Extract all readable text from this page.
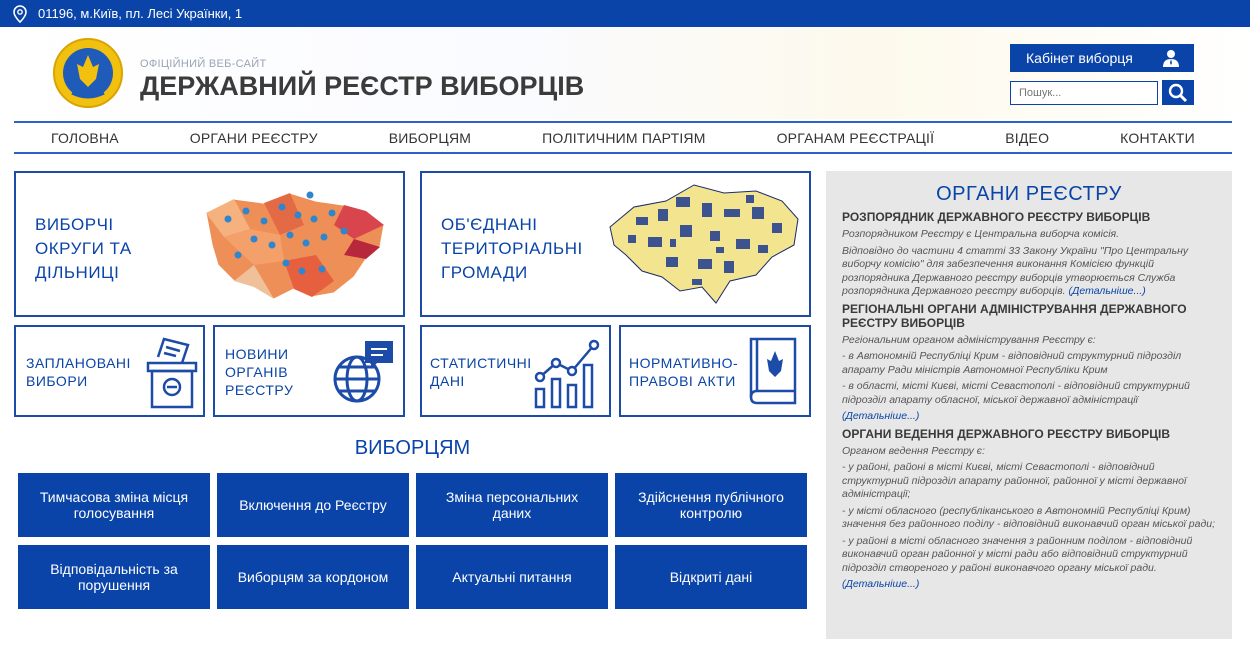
01196, м.Київ, пл. Лесі Українки, 1
ОФІЦІЙНИЙ ВЕБ-САЙТ
ДЕРЖАВНИЙ РЕЄСТР ВИБОРЦІВ
Кабінет виборця
Пошук...
ГОЛОВНА	ОРГАНИ РЕЄСТРУ	ВИБОРЦЯМ	ПОЛІТИЧНИМ ПАРТІЯМ	ОРГАНАМ РЕЄСТРАЦІЇ	ВІДЕО	КОНТАКТИ
ВИБОРЧІ ОКРУГИ ТА ДІЛЬНИЦІ
ОБ'ЄДНАНІ ТЕРИТОРІАЛЬНІ ГРОМАДИ
ЗАПЛАНОВАНІ ВИБОРИ
НОВИНИ ОРГАНІВ РЕЄСТРУ
СТАТИСТИЧНІ ДАНІ
НОРМАТИВНО-ПРАВОВІ АКТИ
ВИБОРЦЯМ
Тимчасова зміна місця голосування	Включення до Реєстру	Зміна персональних даних
Здійснення публічного контролю
Відповідальність за порушення	Виборцям за кордоном	Актуальні питання	Відкриті дані
ОРГАНИ РЕЄСТРУ
РОЗПОРЯДНИК ДЕРЖАВНОГО РЕЄСТРУ ВИБОРЦІВ

Розпорядником Реєстру є Центральна виборча комісія.

Відповідно до частини 4 статті 33 Закону України "Про Центральну виборчу комісію" для забезпечення виконання Комісією функцій розпорядника Державного реєстру виборців утворюється Служба розпорядника Державного реєстру виборців. (Детальніше...)

РЕГІОНАЛЬНІ ОРГАНИ АДМІНІСТРУВАННЯ ДЕРЖАВНОГО РЕЄСТРУ ВИБОРЦІВ

Регіональним органом адміністрування Реєстру є:

- в Автономній Республіці Крим - відповідний структурний підрозділ апарату Ради міністрів Автономної Республіки Крим

- в області, місті Києві, місті Севастополі - відповідний структурний підрозділ апарату обласної, міської державної адміністрації

(Детальніше...)

ОРГАНИ ВЕДЕННЯ ДЕРЖАВНОГО РЕЄСТРУ ВИБОРЦІВ

Органом ведення Реєстру є:

- у районі, районі в місті Києві, місті Севастополі - відповідний структурний підрозділ апарату районної, районної у місті державної адміністрації;

- у місті обласного (республіканського в Автономній Республіці Крим) значення без районного поділу - відповідний виконавчий орган міської ради;

- у районі в місті обласного значення з районним поділом - відповідний виконавчий орган районної у місті ради або відповідний структурний підрозділ створеного у районі виконавчого органу міської ради.

(Детальніше...)
